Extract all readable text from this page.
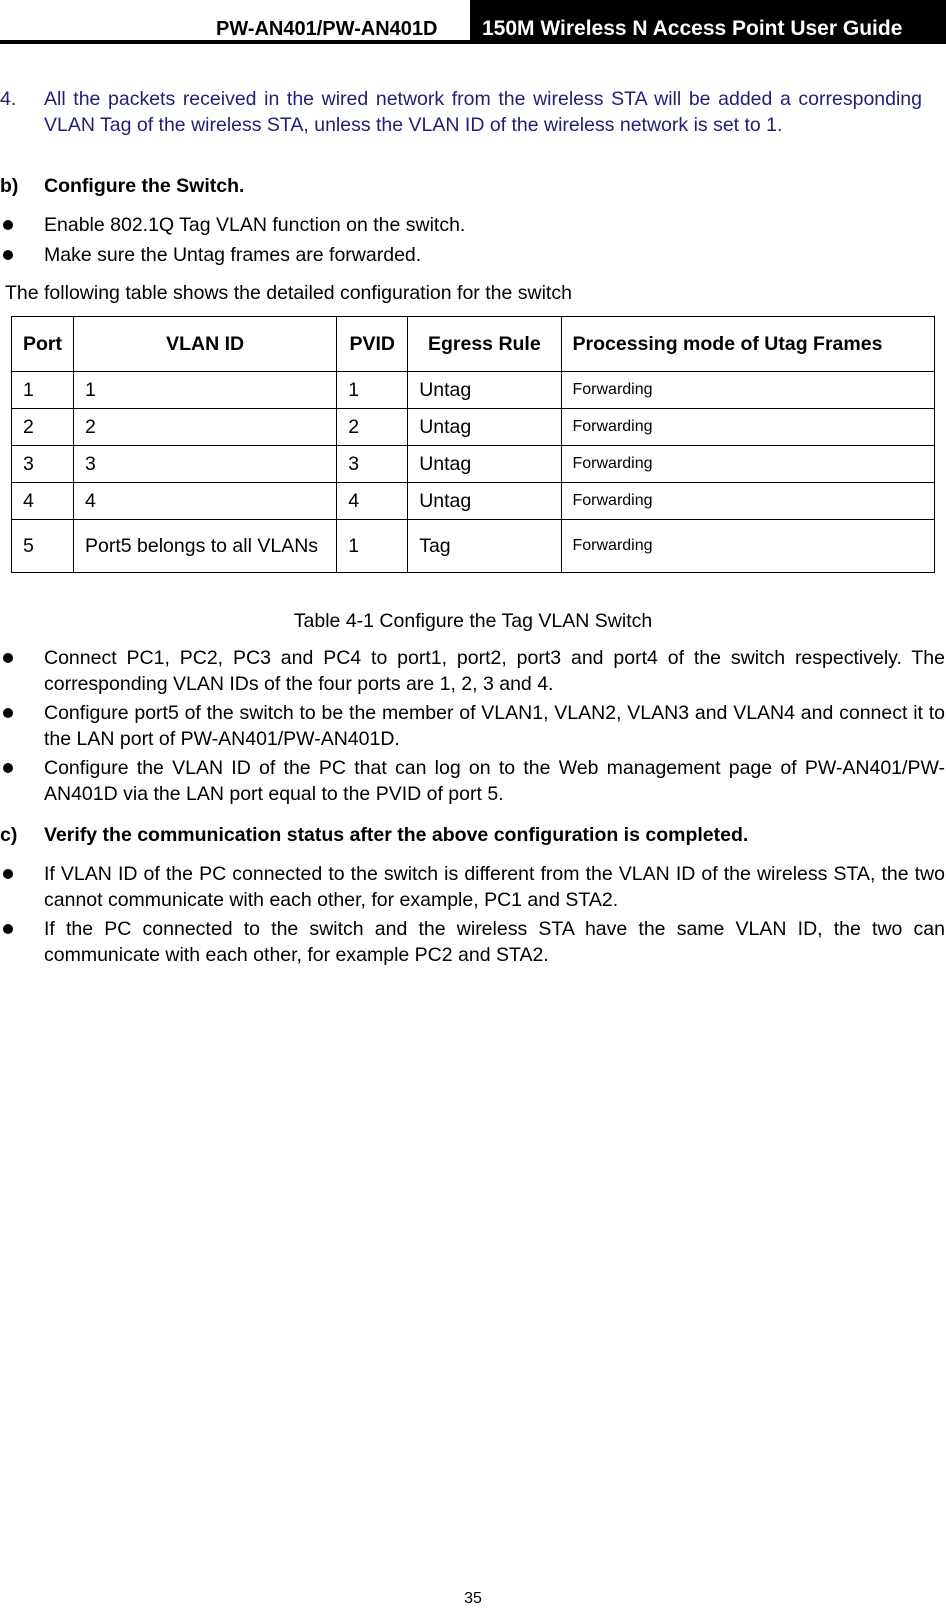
PW-AN401/PW-AN401D	150M Wireless N Access Point User Guide
4. All the packets received in the wired network from the wireless STA will be added a corresponding VLAN Tag of the wireless STA, unless the VLAN ID of the wireless network is set to 1.
b) Configure the Switch.
Enable 802.1Q Tag VLAN function on the switch.
Make sure the Untag frames are forwarded.
The following table shows the detailed configuration for the switch
Port	VLAN ID	PVID	Egress Rule	Processing mode of Utag Frames
1	1	1	Untag	Forwarding
2	2	2	Untag	Forwarding
3	3	3	Untag	Forwarding
4	4	4	Untag	Forwarding
5	Port5 belongs to all VLANs	1	Tag	Forwarding
Table 4-1 Configure the Tag VLAN Switch
Connect PC1, PC2, PC3 and PC4 to port1, port2, port3 and port4 of the switch respectively. The corresponding VLAN IDs of the four ports are 1, 2, 3 and 4.
Configure port5 of the switch to be the member of VLAN1, VLAN2, VLAN3 and VLAN4 and connect it to the LAN port of PW-AN401/PW-AN401D.
Configure the VLAN ID of the PC that can log on to the Web management page of PW-AN401/PW-AN401D via the LAN port equal to the PVID of port 5.
c) Verify the communication status after the above configuration is completed.
If VLAN ID of the PC connected to the switch is different from the VLAN ID of the wireless STA, the two cannot communicate with each other, for example, PC1 and STA2.
If the PC connected to the switch and the wireless STA have the same VLAN ID, the two can communicate with each other, for example PC2 and STA2.
35
